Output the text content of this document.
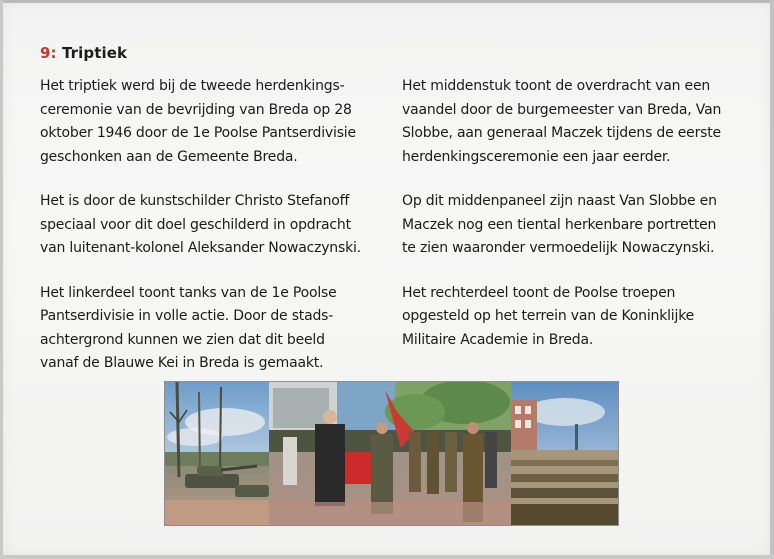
9: Triptiek

Het triptiek werd bij de tweede herdenkings-
ceremonie van de bevrijding van Breda op 28
oktober 1946 door de 1e Poolse Pantserdivisie
geschonken aan de Gemeente Breda.

Het is door de kunstschilder Christo Stefanoff
speciaal voor dit doel geschilderd in opdracht
van luitenant-kolonel Aleksander Nowaczynski.

Het linkerdeel toont tanks van de 1e Poolse
Pantserdivisie in volle actie. Door de stads-
achtergrond kunnen we zien dat dit beeld
vanaf de Blauwe Kei in Breda is gemaakt.

Het middenstuk toont de overdracht van een
vaandel door de burgemeester van Breda, Van
Slobbe, aan generaal Maczek tijdens de eerste
herdenkingsceremonie een jaar eerder.

Op dit middenpaneel zijn naast Van Slobbe en
Maczek nog een tiental herkenbare portretten
te zien waaronder vermoedelijk Nowaczynski.

Het rechterdeel toont de Poolse troepen
opgesteld op het terrein van de Koninklijke
Militaire Academie in Breda.
